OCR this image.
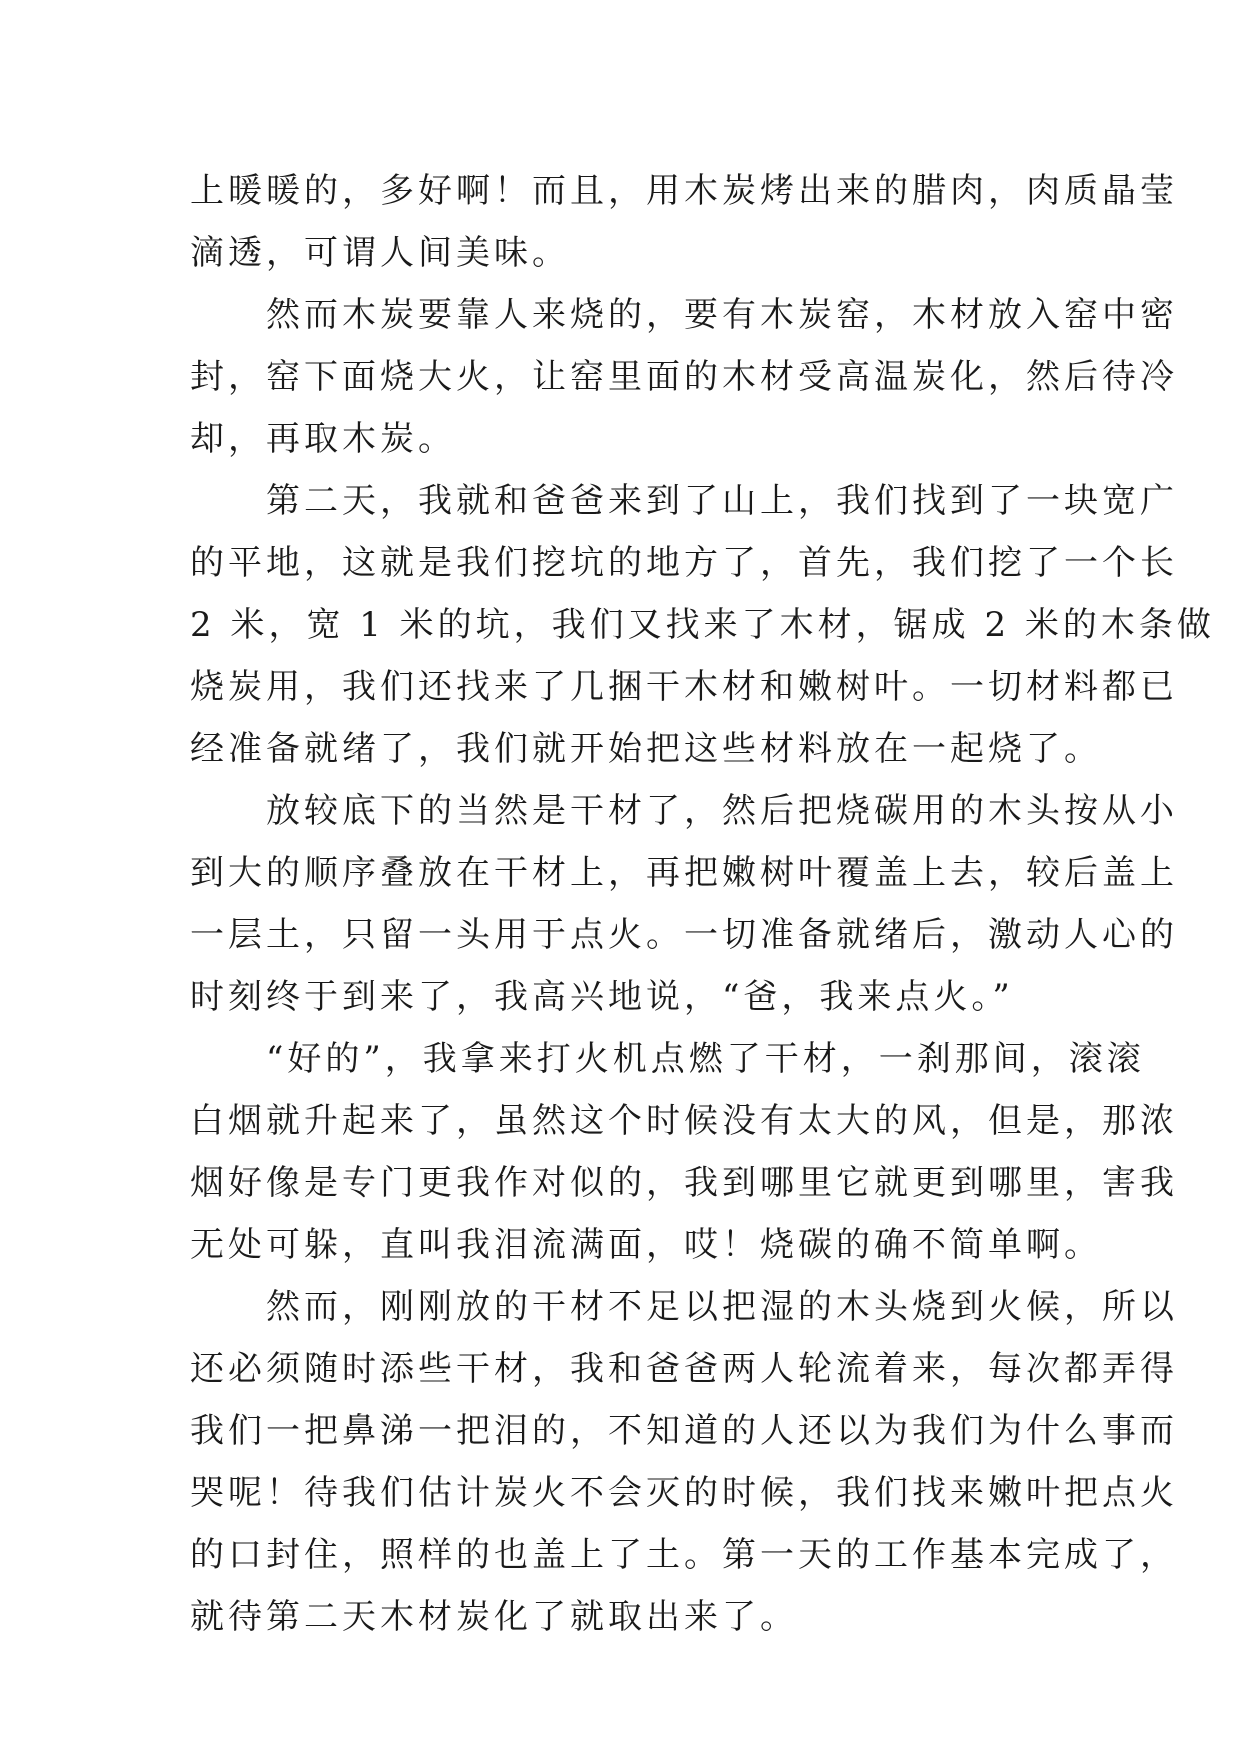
上暖暖的，多好啊！而且，用木炭烤出来的腊肉，肉质晶莹
滴透，可谓人间美味。
　　然而木炭要靠人来烧的，要有木炭窑，木材放入窑中密
封，窑下面烧大火，让窑里面的木材受高温炭化，然后待冷
却，再取木炭。
　　第二天，我就和爸爸来到了山上，我们找到了一块宽广
的平地，这就是我们挖坑的地方了，首先，我们挖了一个长
2 米，宽 1 米的坑，我们又找来了木材，锯成 2 米的木条做
烧炭用，我们还找来了几捆干木材和嫩树叶。一切材料都已
经准备就绪了，我们就开始把这些材料放在一起烧了。
　　放较底下的当然是干材了，然后把烧碳用的木头按从小
到大的顺序叠放在干材上，再把嫩树叶覆盖上去，较后盖上
一层土，只留一头用于点火。一切准备就绪后，激动人心的
时刻终于到来了，我高兴地说，“爸，我来点火。”
　　“好的”，我拿来打火机点燃了干材，一刹那间，滚滚
白烟就升起来了，虽然这个时候没有太大的风，但是，那浓
烟好像是专门更我作对似的，我到哪里它就更到哪里，害我
无处可躲，直叫我泪流满面，哎！烧碳的确不简单啊。
　　然而，刚刚放的干材不足以把湿的木头烧到火候，所以
还必须随时添些干材，我和爸爸两人轮流着来，每次都弄得
我们一把鼻涕一把泪的，不知道的人还以为我们为什么事而
哭呢！待我们估计炭火不会灭的时候，我们找来嫩叶把点火
的口封住，照样的也盖上了土。第一天的工作基本完成了，
就待第二天木材炭化了就取出来了。
